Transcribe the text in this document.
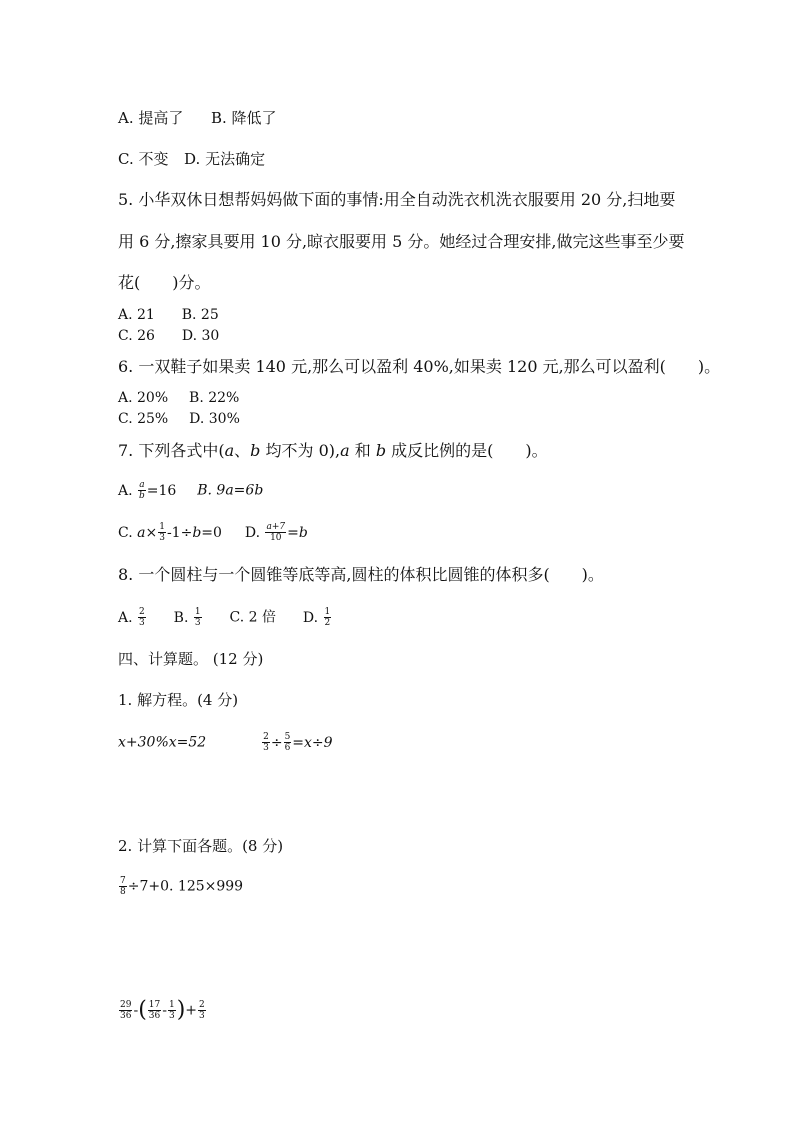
A. 提高了 B. 降低了
C. 不变 D. 无法确定
5. 小华双休日想帮妈妈做下面的事情:用全自动洗衣机洗衣服要用 20 分,扫地要
用 6 分,擦家具要用 10 分,晾衣服要用 5 分。她经过合理安排,做完这些事至少要
花(　　)分。
A. 21 B. 25
C. 26 D. 30
6. 一双鞋子如果卖 140 元,那么可以盈利 40%,如果卖 120 元,那么可以盈利(　　)。
A. 20% B. 22%
C. 25% D. 30%
7. 下列各式中(a、b 均不为 0),a 和 b 成反比例的是(　　)。
A. $\frac{a}{b} =16$ B. 9a=6b
C. $a\times \frac{1}{3} -1\div b=0$ D. $\frac{a+7}{10} =b$
8. 一个圆柱与一个圆锥等底等高,圆柱的体积比圆锥的体积多(　　)。
A. $\frac{2}{3} B$. $\frac{1}{3} C$. 2 倍 D. $\frac{1}{2}$
四、计算题。 (12 分)
1. 解方程。(4 分)
x+30%x=52	$\frac{2}{3} \div \frac{5}{6} =x\div 9$
2. 计算下面各题。(8 分)
$\frac{7}{8} \div 7+0$. 125×999
$\frac{29}{36}$ -( $\frac{17}{36} - \frac{1}{3}$ )+ $\frac{2}{3}$
